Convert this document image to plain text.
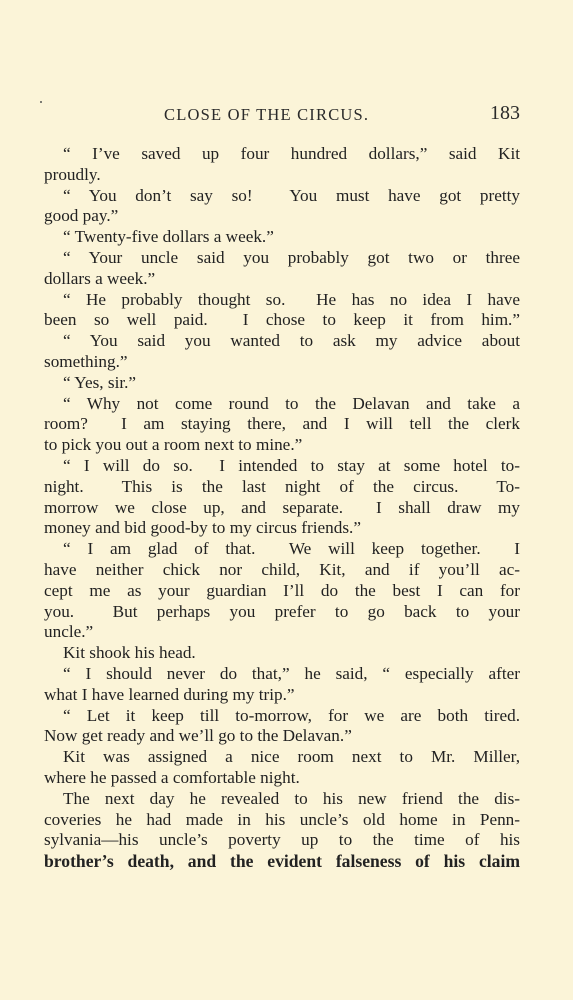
CLOSE OF THE CIRCUS.	183
“ I’ve saved up four hundred dollars,” said Kit
proudly.
“ You don’t say so!  You must have got pretty
good pay.”
“ Twenty-five dollars a week.”
“ Your uncle said you probably got two or three
dollars a week.”
“ He probably thought so.  He has no idea I have
been so well paid.  I chose to keep it from him.”
“ You said you wanted to ask my advice about
something.”
“ Yes, sir.”
“ Why not come round to the Delavan and take a
room?  I am staying there, and I will tell the clerk
to pick you out a room next to mine.”
“ I will do so.  I intended to stay at some hotel to-
night.  This is the last night of the circus.  To-
morrow we close up, and separate.  I shall draw my
money and bid good-by to my circus friends.”
“ I am glad of that.  We will keep together.  I
have neither chick nor child, Kit, and if you’ll ac-
cept me as your guardian I’ll do the best I can for
you.  But perhaps you prefer to go back to your
uncle.”
Kit shook his head.
“ I should never do that,” he said, “ especially after
what I have learned during my trip.”
“ Let it keep till to-morrow, for we are both tired.
Now get ready and we’ll go to the Delavan.”
Kit was assigned a nice room next to Mr. Miller,
where he passed a comfortable night.
The next day he revealed to his new friend the dis-
coveries he had made in his uncle’s old home in Penn-
sylvania—his uncle’s poverty up to the time of his
brother’s death, and the evident falseness of his claim
